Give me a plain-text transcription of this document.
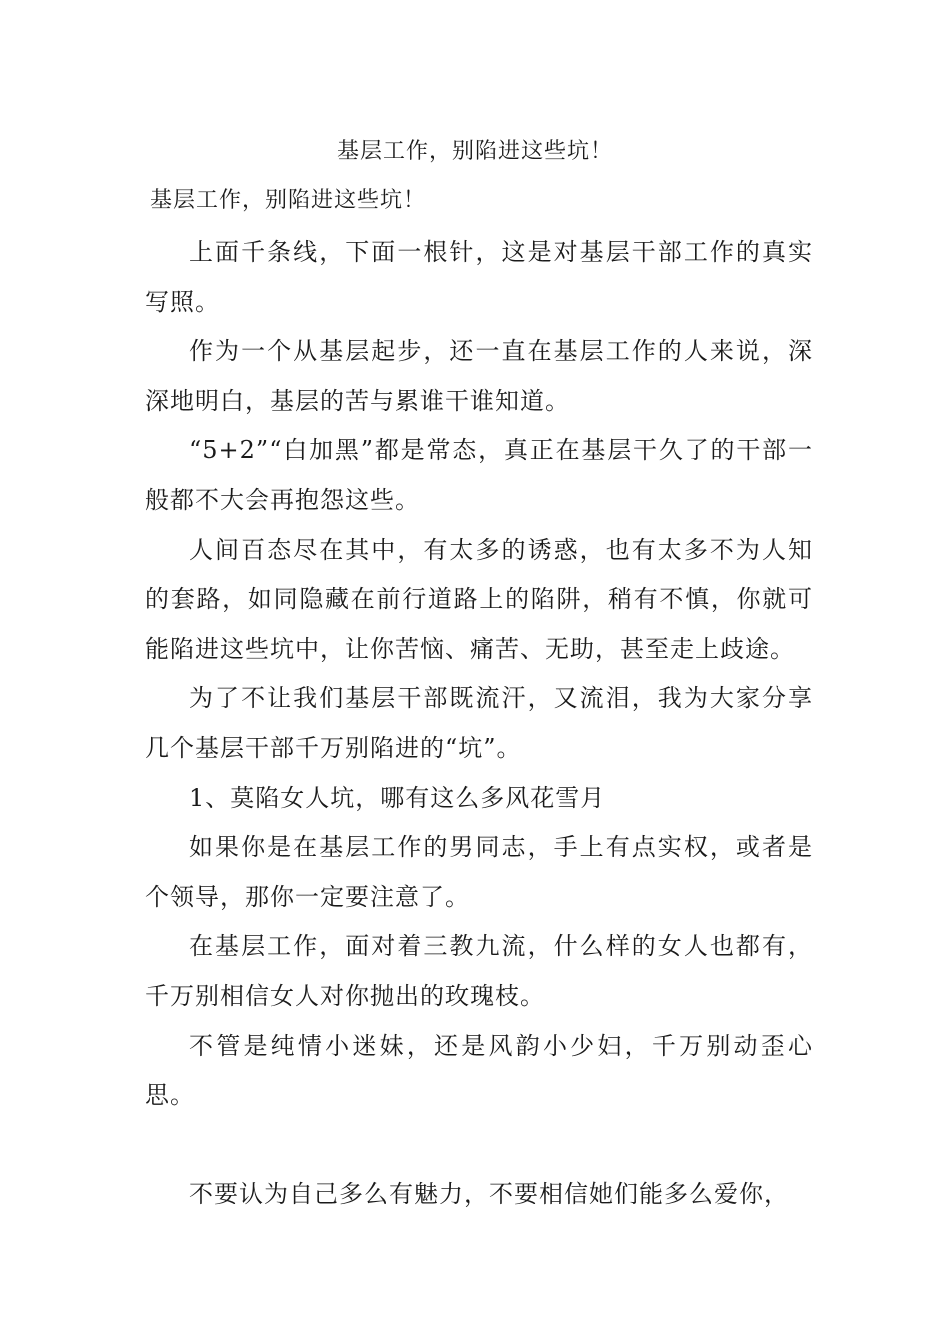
基层工作，别陷进这些坑！
基层工作，别陷进这些坑！

上面千条线，下面一根针，这是对基层干部工作的真实写照。

作为一个从基层起步，还一直在基层工作的人来说，深深地明白，基层的苦与累谁干谁知道。

“5+2”“白加黑”都是常态，真正在基层干久了的干部一般都不大会再抱怨这些。

人间百态尽在其中，有太多的诱惑，也有太多不为人知的套路，如同隐藏在前行道路上的陷阱，稍有不慎，你就可能陷进这些坑中，让你苦恼、痛苦、无助，甚至走上歧途。

为了不让我们基层干部既流汗，又流泪，我为大家分享几个基层干部千万别陷进的“坑”。

1、莫陷女人坑，哪有这么多风花雪月

如果你是在基层工作的男同志，手上有点实权，或者是个领导，那你一定要注意了。

在基层工作，面对着三教九流，什么样的女人也都有，千万别相信女人对你抛出的玫瑰枝。

不管是纯情小迷妹，还是风韵小少妇，千万别动歪心思。

不要认为自己多么有魅力，不要相信她们能多么爱你，
